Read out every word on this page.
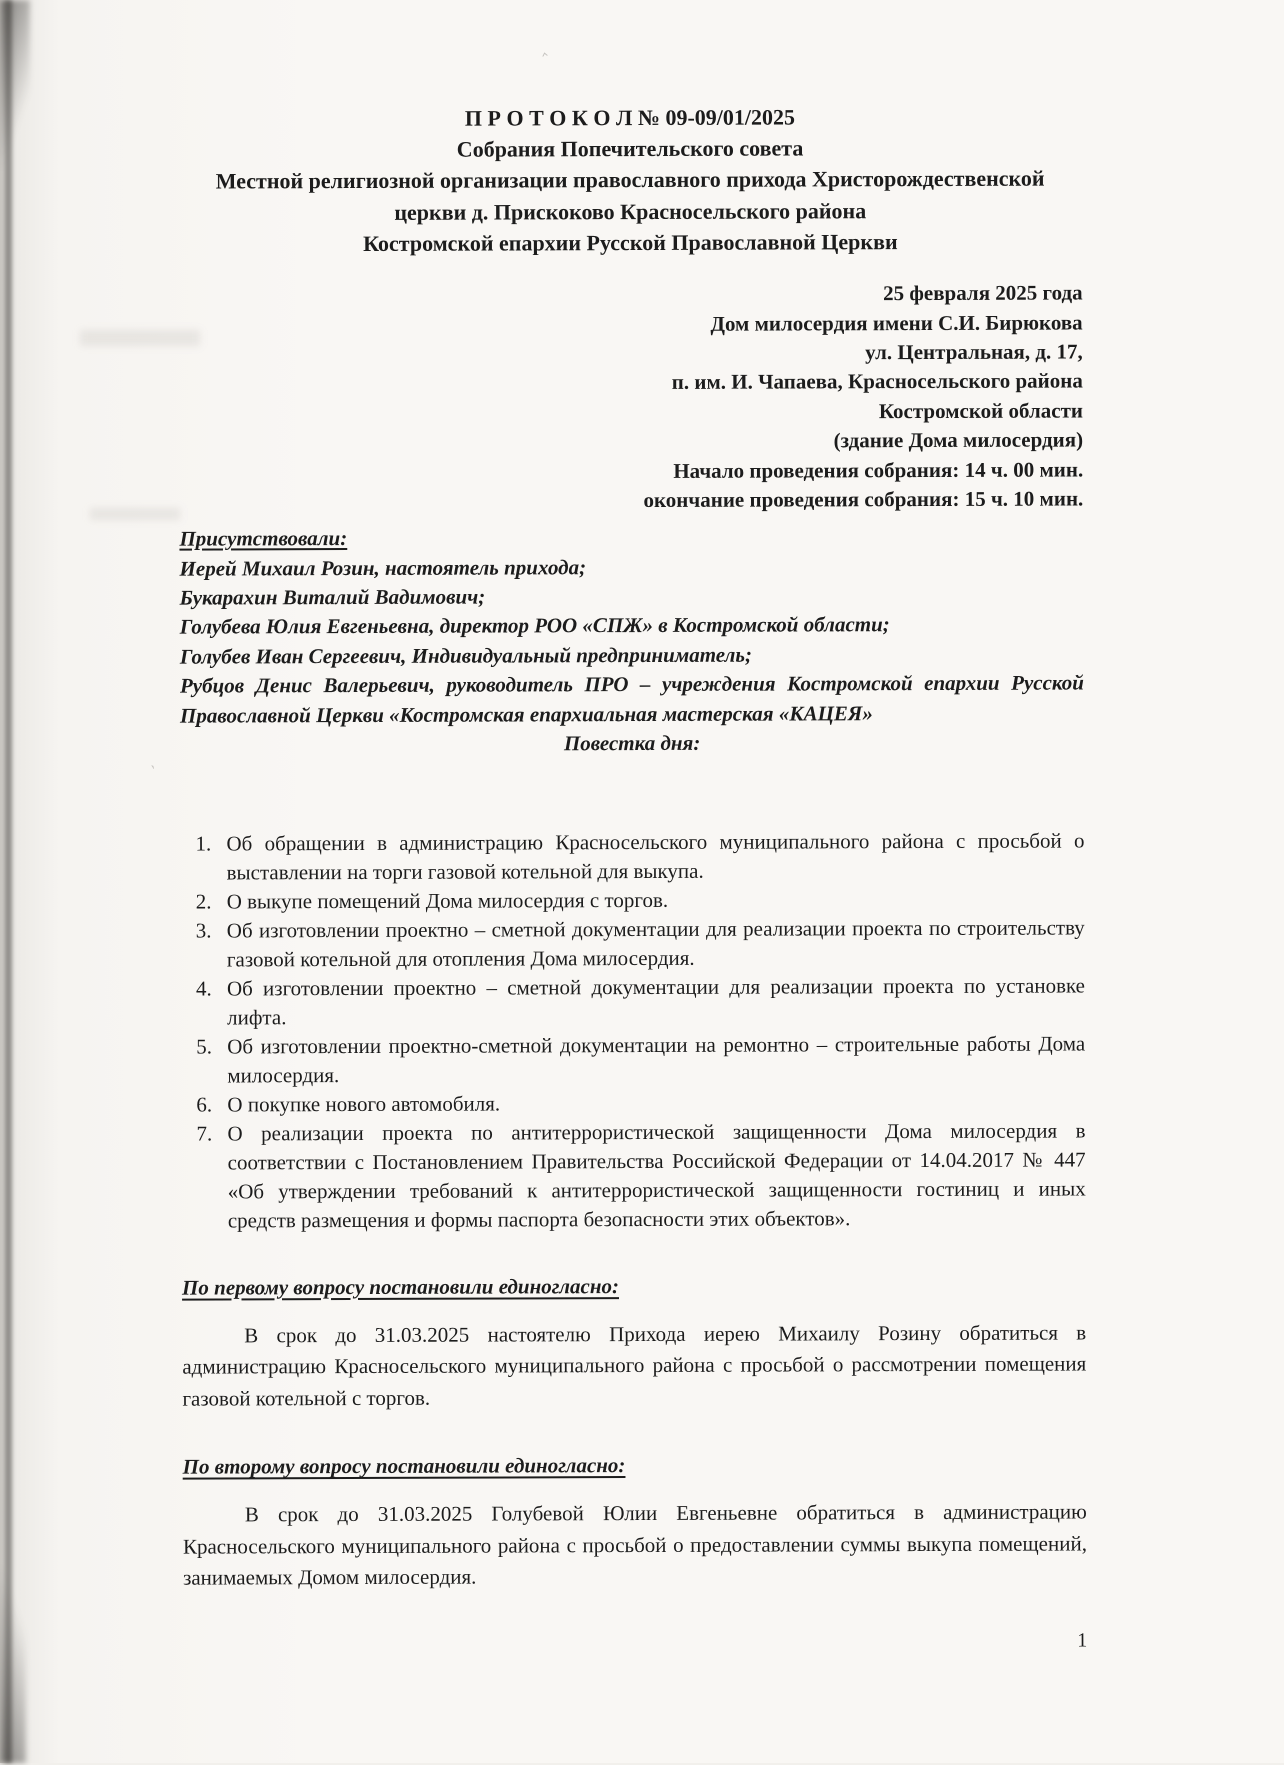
‸
`
П Р О Т О К О Л № 09-09/01/2025
Собрания Попечительского совета
Местной религиозной организации православного прихода Христорождественской
церкви д. Прискоково Красносельского района
Костромской епархии Русской Православной Церкви
25 февраля 2025 года
Дом милосердия имени С.И. Бирюкова
ул. Центральная, д. 17,
п. им. И. Чапаева, Красносельского района
Костромской области
(здание Дома милосердия)
Начало проведения собрания: 14 ч. 00 мин.
окончание проведения собрания: 15 ч. 10 мин.
Присутствовали:
Иерей Михаил Розин, настоятель прихода;
Букарахин Виталий Вадимович;
Голубева Юлия Евгеньевна, директор РОО «СПЖ» в Костромской области;
Голубев Иван Сергеевич, Индивидуальный предприниматель;
Рубцов Денис Валерьевич, руководитель ПРО – учреждения Костромской епархии Русской Православной Церкви «Костромская епархиальная мастерская «КАЦЕЯ»
Повестка дня:
1. Об обращении в администрацию Красносельского муниципального района с просьбой о выставлении на торги газовой котельной для выкупа.
2. О выкупе помещений Дома милосердия с торгов.
3. Об изготовлении проектно – сметной документации для реализации проекта по строительству газовой котельной для отопления Дома милосердия.
4. Об изготовлении проектно – сметной документации для реализации проекта по установке лифта.
5. Об изготовлении проектно-сметной документации на ремонтно – строительные работы Дома милосердия.
6. О покупке нового автомобиля.
7. О реализации проекта по антитеррористической защищенности Дома милосердия в соответствии с Постановлением Правительства Российской Федерации от 14.04.2017 № 447 «Об утверждении требований к антитеррористической защищенности гостиниц и иных средств размещения и формы паспорта безопасности этих объектов».
По первому вопросу постановили единогласно:

В срок до 31.03.2025 настоятелю Прихода иерею Михаилу Розину обратиться в администрацию Красносельского муниципального района с просьбой о рассмотрении помещения газовой котельной с торгов.

По второму вопросу постановили единогласно:

В срок до 31.03.2025 Голубевой Юлии Евгеньевне обратиться в администрацию Красносельского муниципального района с просьбой о предоставлении суммы выкупа помещений, занимаемых Домом милосердия.

1
